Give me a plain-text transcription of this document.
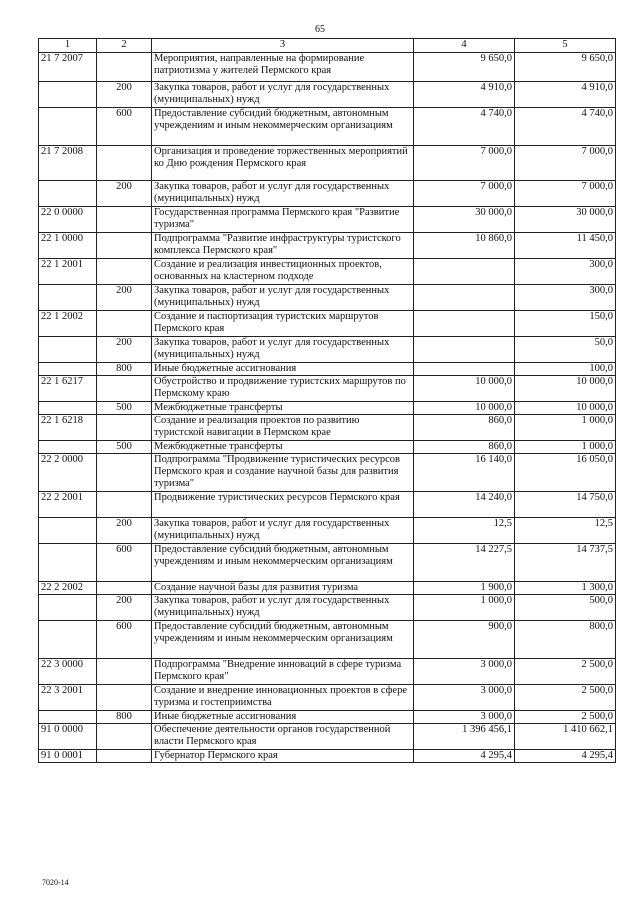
65
1	2	3	4	5
21 7 2007		Мероприятия, направленные на формирование патриотизма у жителей Пермского края	9 650,0	9 650,0
	200	Закупка товаров, работ и услуг для государственных (муниципальных) нужд	4 910,0	4 910,0
	600	Предоставление субсидий бюджетным, автономным учреждениям и иным некоммерческим организациям	4 740,0	4 740,0
21 7 2008		Организация и проведение торжественных мероприятий ко Дню рождения Пермского края	7 000,0	7 000,0
	200	Закупка товаров, работ и услуг для государственных (муниципальных) нужд	7 000,0	7 000,0
22 0 0000		Государственная программа Пермского края "Развитие туризма"	30 000,0	30 000,0
22 1 0000		Подпрограмма "Развитие инфраструктуры туристского комплекса Пермского края"	10 860,0	11 450,0
22 1 2001		Создание и реализация инвестиционных проектов, основанных на кластерном подходе		300,0
	200	Закупка товаров, работ и услуг для государственных (муниципальных) нужд		300,0
22 1 2002		Создание и паспортизация туристских маршрутов Пермского края		150,0
	200	Закупка товаров, работ и услуг для государственных (муниципальных) нужд		50,0
	800	Иные бюджетные ассигнования		100,0
22 1 6217		Обустройство и продвижение туристских маршрутов по Пермскому краю	10 000,0	10 000,0
	500	Межбюджетные трансферты	10 000,0	10 000,0
22 1 6218		Создание и реализация проектов по развитию туристской навигации в Пермском крае	860,0	1 000,0
	500	Межбюджетные трансферты	860,0	1 000,0
22 2 0000		Подпрограмма "Продвижение туристических ресурсов Пермского края и создание научной базы для развития туризма"	16 140,0	16 050,0
22 2 2001		Продвижение туристических ресурсов Пермского края	14 240,0	14 750,0
	200	Закупка товаров, работ и услуг для государственных (муниципальных) нужд	12,5	12,5
	600	Предоставление субсидий бюджетным, автономным учреждениям и иным некоммерческим организациям	14 227,5	14 737,5
22 2 2002		Создание научной базы для развития туризма	1 900,0	1 300,0
	200	Закупка товаров, работ и услуг для государственных (муниципальных) нужд	1 000,0	500,0
	600	Предоставление субсидий бюджетным, автономным учреждениям и иным некоммерческим организациям	900,0	800,0
22 3 0000		Подпрограмма "Внедрение инноваций в сфере туризма Пермского края"	3 000,0	2 500,0
22 3 2001		Создание и внедрение инновационных проектов в сфере туризма и гостеприимства	3 000,0	2 500,0
	800	Иные бюджетные ассигнования	3 000,0	2 500,0
91 0 0000		Обеспечение деятельности органов государственной власти Пермского края	1 396 456,1	1 410 662,1
91 0 0001		Губернатор Пермского края	4 295,4	4 295,4
7020-14
